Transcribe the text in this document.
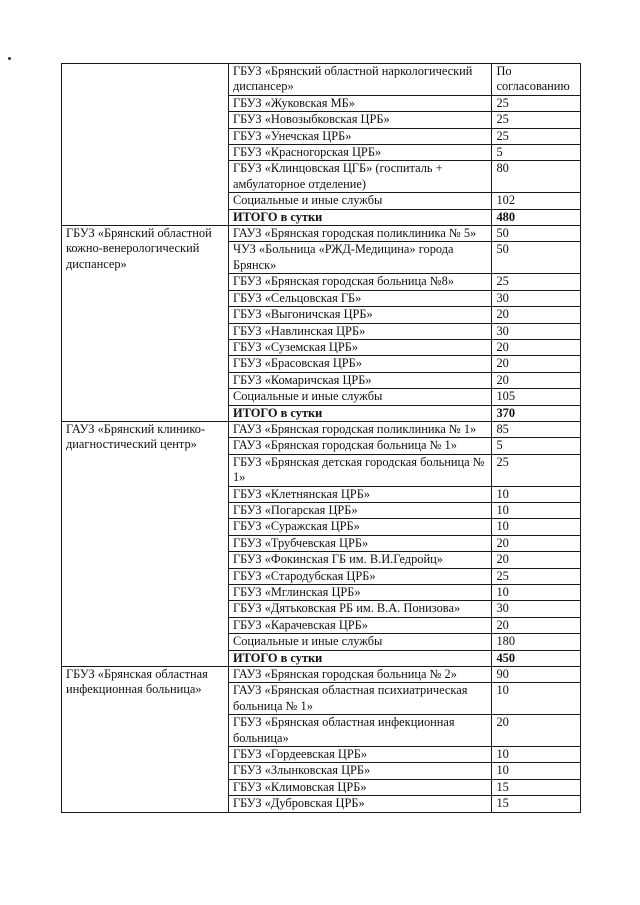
	ГБУЗ «Брянский областной наркологический диспансер»	По согласованию
	ГБУЗ «Жуковская МБ»	25
	ГБУЗ «Новозыбковская ЦРБ»	25
	ГБУЗ «Унечская ЦРБ»	25
	ГБУЗ «Красногорская ЦРБ»	5
	ГБУЗ «Клинцовская ЦГБ» (госпиталь + амбулаторное отделение)	80
	Социальные и иные службы	102
	ИТОГО в сутки	480
ГБУЗ «Брянский областной кожно-венерологический диспансер»	ГАУЗ «Брянская городская поликлиника № 5»	50
	ЧУЗ «Больница «РЖД-Медицина» города Брянск»	50
	ГБУЗ «Брянская городская больница №8»	25
	ГБУЗ «Сельцовская ГБ»	30
	ГБУЗ «Выгоничская ЦРБ»	20
	ГБУЗ «Навлинская ЦРБ»	30
	ГБУЗ «Суземская ЦРБ»	20
	ГБУЗ «Брасовская ЦРБ»	20
	ГБУЗ «Комаричская ЦРБ»	20
	Социальные и иные службы	105
	ИТОГО в сутки	370
ГАУЗ «Брянский клинико-диагностический центр»	ГАУЗ «Брянская городская поликлиника № 1»	85
	ГАУЗ «Брянская городская больница № 1»	5
	ГБУЗ «Брянская детская городская больница № 1»	25
	ГБУЗ «Клетнянская ЦРБ»	10
	ГБУЗ «Погарская ЦРБ»	10
	ГБУЗ «Суражская ЦРБ»	10
	ГБУЗ «Трубчевская ЦРБ»	20
	ГБУЗ «Фокинская ГБ им. В.И.Гедройц»	20
	ГБУЗ «Стародубская ЦРБ»	25
	ГБУЗ «Мглинская ЦРБ»	10
	ГБУЗ «Дятьковская РБ им. В.А. Понизова»	30
	ГБУЗ «Карачевская ЦРБ»	20
	Социальные и иные службы	180
	ИТОГО в сутки	450
ГБУЗ «Брянская областная инфекционная больница»	ГАУЗ «Брянская городская больница № 2»	90
	ГАУЗ «Брянская областная психиатрическая больница № 1»	10
	ГБУЗ «Брянская областная инфекционная больница»	20
	ГБУЗ «Гордеевская ЦРБ»	10
	ГБУЗ «Злынковская ЦРБ»	10
	ГБУЗ «Климовская ЦРБ»	15
	ГБУЗ «Дубровская ЦРБ»	15
